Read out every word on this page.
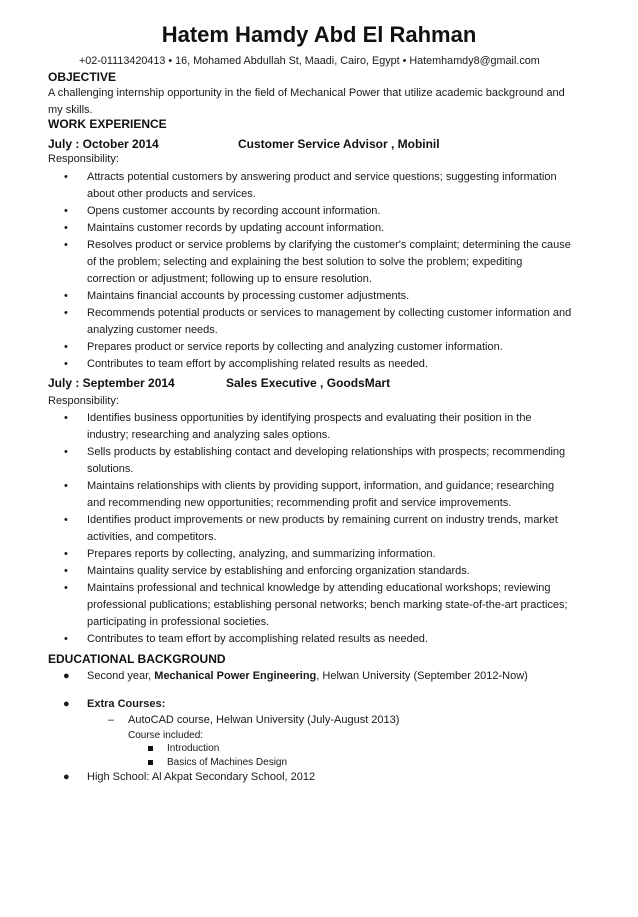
Hatem Hamdy Abd El Rahman
+02-01113420413 • 16, Mohamed Abdullah St, Maadi, Cairo, Egypt • Hatemhamdy8@gmail.com
OBJECTIVE
A challenging internship opportunity in the field of Mechanical Power that utilize academic background and
my skills.
WORK EXPERIENCE
July : October 2014	Customer Service Advisor , Mobinil
Responsibility:
• Attracts potential customers by answering product and service questions; suggesting information
about other products and services.
• Opens customer accounts by recording account information.
• Maintains customer records by updating account information.
• Resolves product or service problems by clarifying the customer's complaint; determining the cause
of the problem; selecting and explaining the best solution to solve the problem; expediting
correction or adjustment; following up to ensure resolution.
• Maintains financial accounts by processing customer adjustments.
• Recommends potential products or services to management by collecting customer information and
analyzing customer needs.
• Prepares product or service reports by collecting and analyzing customer information.
• Contributes to team effort by accomplishing related results as needed.
July : September 2014	Sales Executive , GoodsMart
Responsibility:
• Identifies business opportunities by identifying prospects and evaluating their position in the
industry; researching and analyzing sales options.
• Sells products by establishing contact and developing relationships with prospects; recommending
solutions.
• Maintains relationships with clients by providing support, information, and guidance; researching
and recommending new opportunities; recommending profit and service improvements.
• Identifies product improvements or new products by remaining current on industry trends, market
activities, and competitors.
• Prepares reports by collecting, analyzing, and summarizing information.
• Maintains quality service by establishing and enforcing organization standards.
• Maintains professional and technical knowledge by attending educational workshops; reviewing
professional publications; establishing personal networks; bench marking state-of-the-art practices;
participating in professional societies.
• Contributes to team effort by accomplishing related results as needed.
EDUCATIONAL BACKGROUND
● Second year, Mechanical Power Engineering, Helwan University (September 2012-Now)
● Extra Courses:
– AutoCAD course, Helwan University (July-August 2013)
Course included:
Introduction
Basics of Machines Design
● High School: Al Akpat Secondary School, 2012
